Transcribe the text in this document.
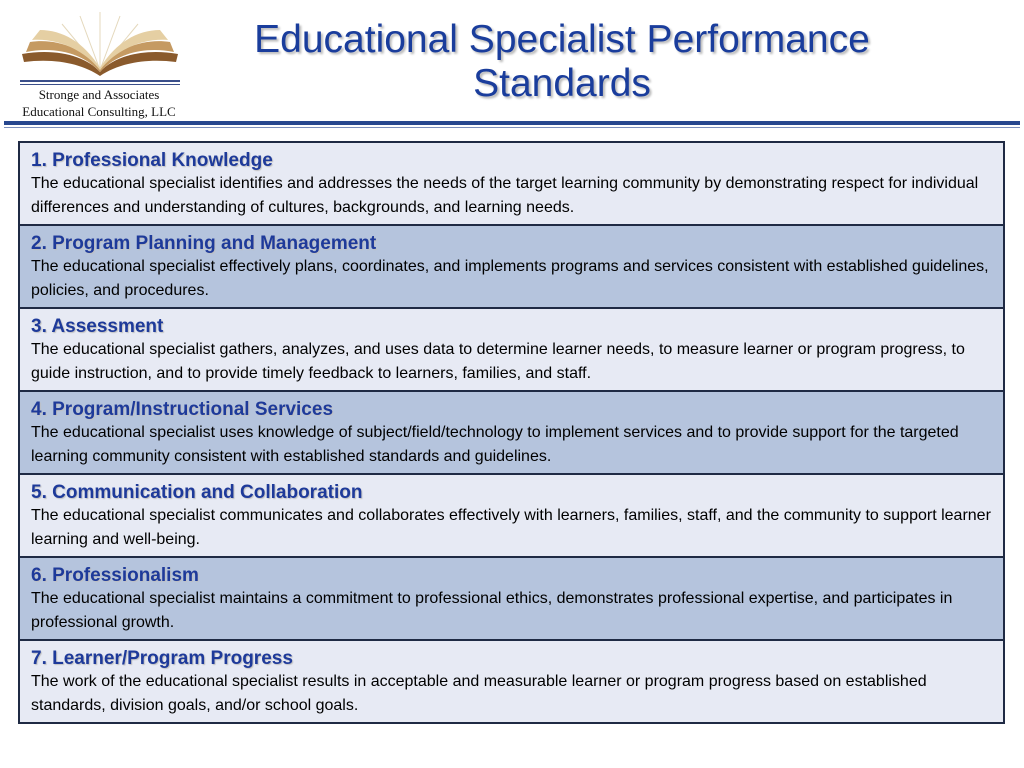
Stronge and Associates
Educational Consulting, LLC
Educational Specialist Performance
Standards
1. Professional Knowledge
The educational specialist identifies and addresses the needs of the target learning community by demonstrating respect for individual differences and understanding of cultures, backgrounds, and learning needs.
2. Program Planning and Management
The educational specialist effectively plans, coordinates, and implements programs and services consistent with established guidelines, policies, and procedures.
3. Assessment
The educational specialist gathers, analyzes, and uses data to determine learner needs, to measure learner or program progress, to guide instruction, and to provide timely feedback to learners, families, and staff.
4. Program/Instructional Services
The educational specialist uses knowledge of subject/field/technology to implement services and to provide support for the targeted learning community consistent with established standards and guidelines.
5. Communication and Collaboration
The educational specialist communicates and collaborates effectively with learners, families, staff, and the community to support learner learning and well-being.
6. Professionalism
The educational specialist maintains a commitment to professional ethics, demonstrates professional expertise, and participates in professional growth.
7. Learner/Program Progress
The work of the educational specialist results in acceptable and measurable learner or program progress based on established standards, division goals, and/or school goals.
